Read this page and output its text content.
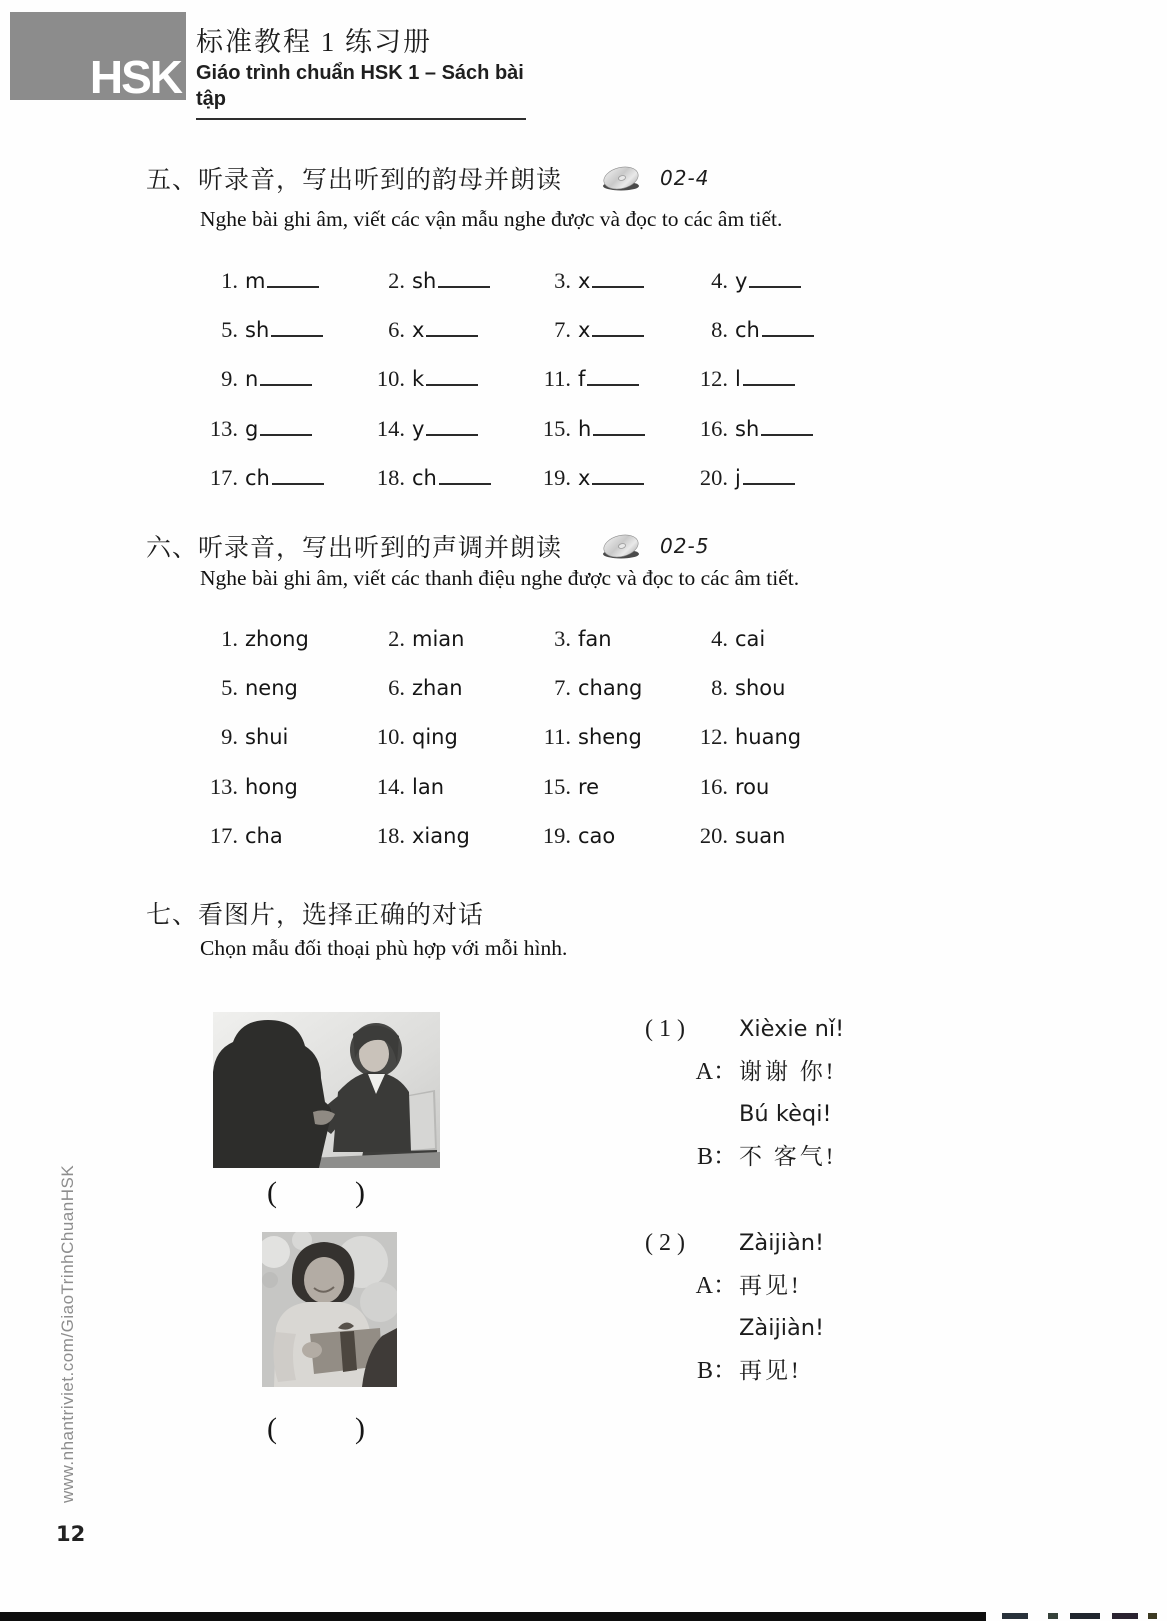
HSK
标准教程 1 练习册
Giáo trình chuẩn HSK 1 – Sách bài tập
五、 听录音，写出听到的韵母并朗读	02-4
Nghe bài ghi âm, viết các vận mẫu nghe được và đọc to các âm tiết.
1. m	2. sh	3. x	4. y
5. sh	6. x	7. x	8. ch
9. n	10. k	11. f	12. l
13. g	14. y	15. h	16. sh
17. ch	18. ch	19. x	20. j
六、 听录音，写出听到的声调并朗读	02-5
Nghe bài ghi âm, viết các thanh điệu nghe được và đọc to các âm tiết.
1. zhong	2. mian	3. fan	4. cai
5. neng	6. zhan	7. chang	8. shou
9. shui	10. qing	11. sheng	12. huang
13. hong	14. lan	15. re	16. rou
17. cha	18. xiang	19. cao	20. suan
七、 看图片，选择正确的对话
Chọn mẫu đối thoại phù hợp với mỗi hình.
(        )
( 1 )	Xièxie nǐ!
A： 谢谢 你!
Bú kèqi!
B： 不 客气!
(        )
( 2 )	Zàijiàn!
A： 再见!
Zàijiàn!
B： 再见!
www.nhantriviet.com/GiaoTrinhChuanHSK
12
